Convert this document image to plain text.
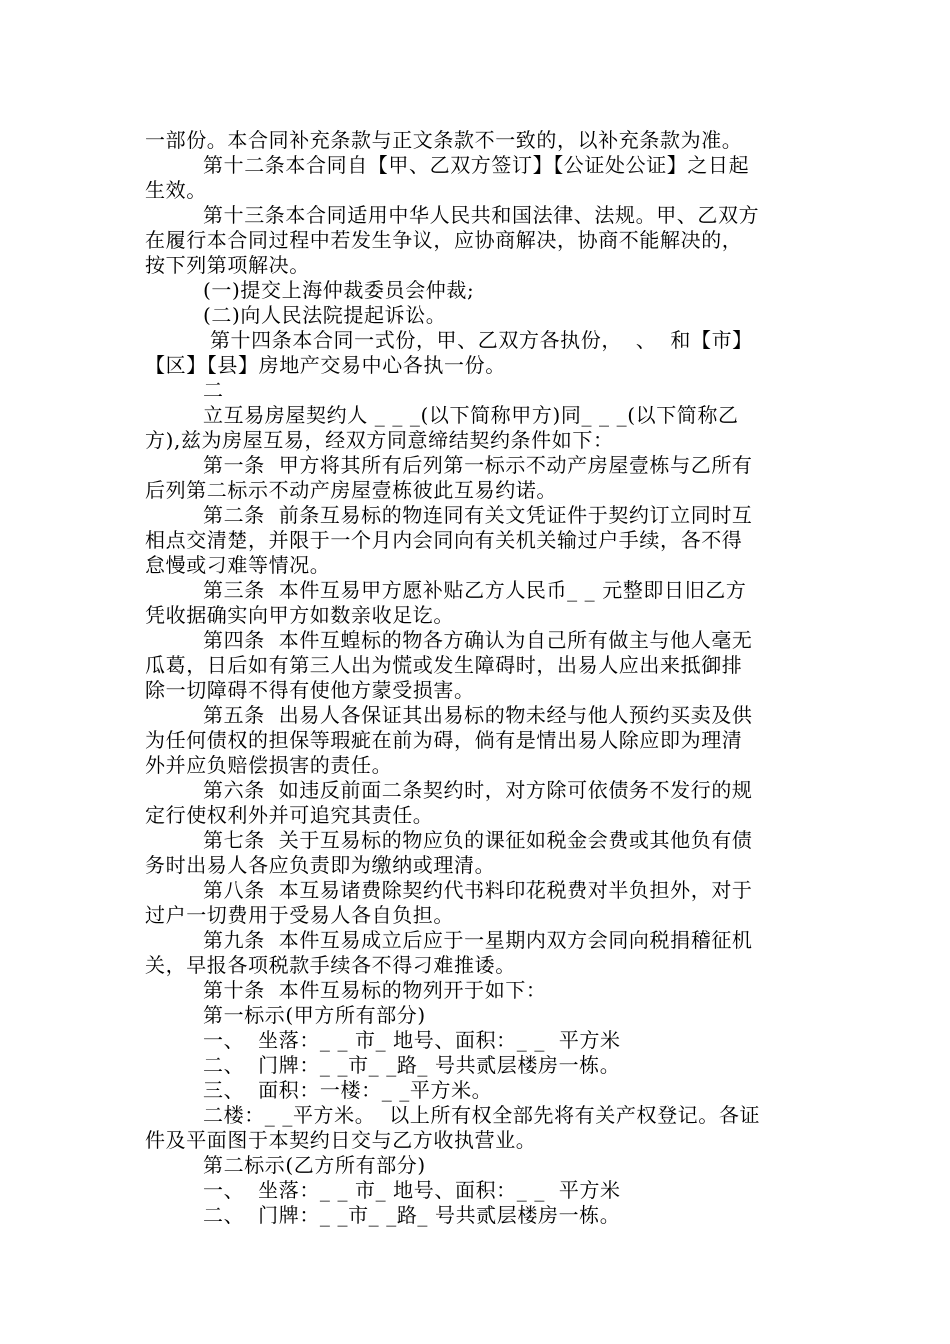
一部份。本合同补充条款与正文条款不一致的，以补充条款为准。
第十二条本合同自【甲、乙双方签订】【公证处公证】之日起
生效。
第十三条本合同适用中华人民共和国法律、法规。甲、乙双方
在履行本合同过程中若发生争议，应协商解决，协商不能解决的，
按下列第项解决。
(一)提交上海仲裁委员会仲裁;
(二)向人民法院提起诉讼。
第十四条本合同一式份，甲、乙双方各执份，  、  和【市】
【区】【县】房地产交易中心各执一份。
二
立互易房屋契约人 _ _ _(以下简称甲方)同_ _ _(以下简称乙
方),兹为房屋互易，经双方同意缔结契约条件如下：
第一条  甲方将其所有后列第一标示不动产房屋壹栋与乙所有
后列第二标示不动产房屋壹栋彼此互易约诺。
第二条  前条互易标的物连同有关文凭证件于契约订立同时互
相点交清楚，并限于一个月内会同向有关机关输过户手续，各不得
怠慢或刁难等情况。
第三条  本件互易甲方愿补贴乙方人民币_ _ 元整即日旧乙方
凭收据确实向甲方如数亲收足讫。
第四条  本件互蝗标的物各方确认为自己所有做主与他人毫无
瓜葛，日后如有第三人出为慌或发生障碍时，出易人应出来抵御排
除一切障碍不得有使他方蒙受损害。
第五条  出易人各保证其出易标的物未经与他人预约买卖及供
为任何债权的担保等瑕疵在前为碍，倘有是情出易人除应即为理清
外并应负赔偿损害的责任。
第六条  如违反前面二条契约时，对方除可依债务不发行的规
定行使权利外并可追究其责任。
第七条  关于互易标的物应负的课征如税金会费或其他负有债
务时出易人各应负责即为缴纳或理清。
第八条  本互易诸费除契约代书料印花税费对半负担外，对于
过户一切费用于受易人各自负担。
第九条  本件互易成立后应于一星期内双方会同向税捐稽征机
关，早报各项税款手续各不得刁难推诿。
第十条  本件互易标的物列开于如下：
第一标示(甲方所有部分)
一、  坐落：_ _ 市_ 地号、面积：_ _  平方米
二、  门牌：_ _市_ _路_ 号共贰层楼房一栋。
三、  面积：一楼：_ _平方米。
二楼：_ _平方米。  以上所有权全部先将有关产权登记。各证
件及平面图于本契约日交与乙方收执营业。
第二标示(乙方所有部分)
一、  坐落：_ _ 市_ 地号、面积：_ _  平方米
二、  门牌：_ _市_ _路_ 号共贰层楼房一栋。
